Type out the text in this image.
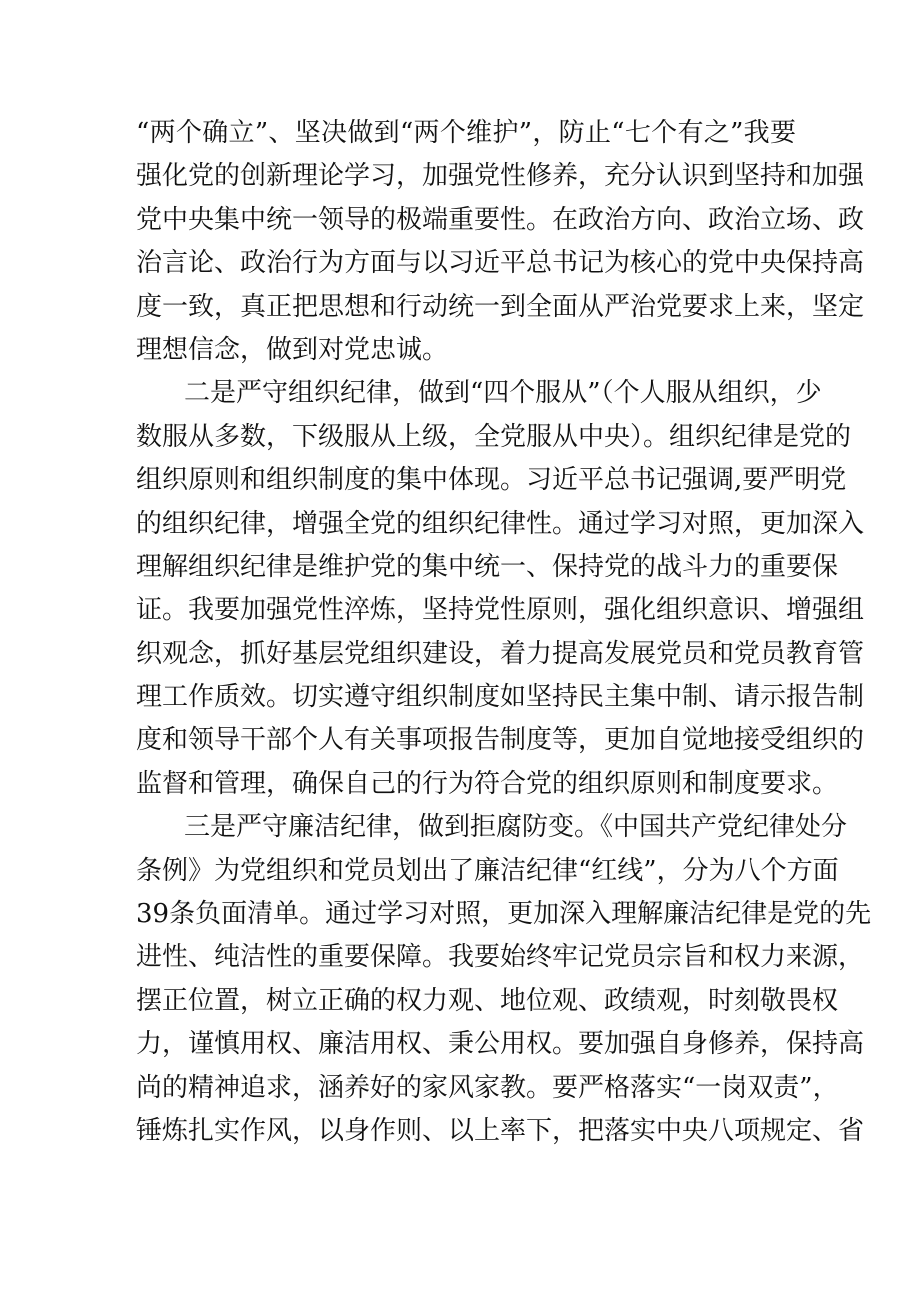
“两个确立”、坚决做到“两个维护”，防止“七个有之”我要
强化党的创新理论学习，加强党性修养，充分认识到坚持和加强
党中央集中统一领导的极端重要性。在政治方向、政治立场、政
治言论、政治行为方面与以习近平总书记为核心的党中央保持高
度一致，真正把思想和行动统一到全面从严治党要求上来，坚定
理想信念，做到对党忠诚。
二是严守组织纪律，做到“四个服从”（个人服从组织，少
数服从多数，下级服从上级，全党服从中央）。组织纪律是党的
组织原则和组织制度的集中体现。习近平总书记强调,要严明党
的组织纪律，增强全党的组织纪律性。通过学习对照，更加深入
理解组织纪律是维护党的集中统一、保持党的战斗力的重要保
证。我要加强党性淬炼，坚持党性原则，强化组织意识、增强组
织观念，抓好基层党组织建设，着力提高发展党员和党员教育管
理工作质效。切实遵守组织制度如坚持民主集中制、请示报告制
度和领导干部个人有关事项报告制度等，更加自觉地接受组织的
监督和管理，确保自己的行为符合党的组织原则和制度要求。
三是严守廉洁纪律，做到拒腐防变。《中国共产党纪律处分
条例》为党组织和党员划出了廉洁纪律“红线”，分为八个方面
39条负面清单。通过学习对照，更加深入理解廉洁纪律是党的先
进性、纯洁性的重要保障。我要始终牢记党员宗旨和权力来源，
摆正位置，树立正确的权力观、地位观、政绩观，时刻敬畏权
力，谨慎用权、廉洁用权、秉公用权。要加强自身修养，保持高
尚的精神追求，涵养好的家风家教。要严格落实“一岗双责”，
锤炼扎实作风，以身作则、以上率下，把落实中央八项规定、省
